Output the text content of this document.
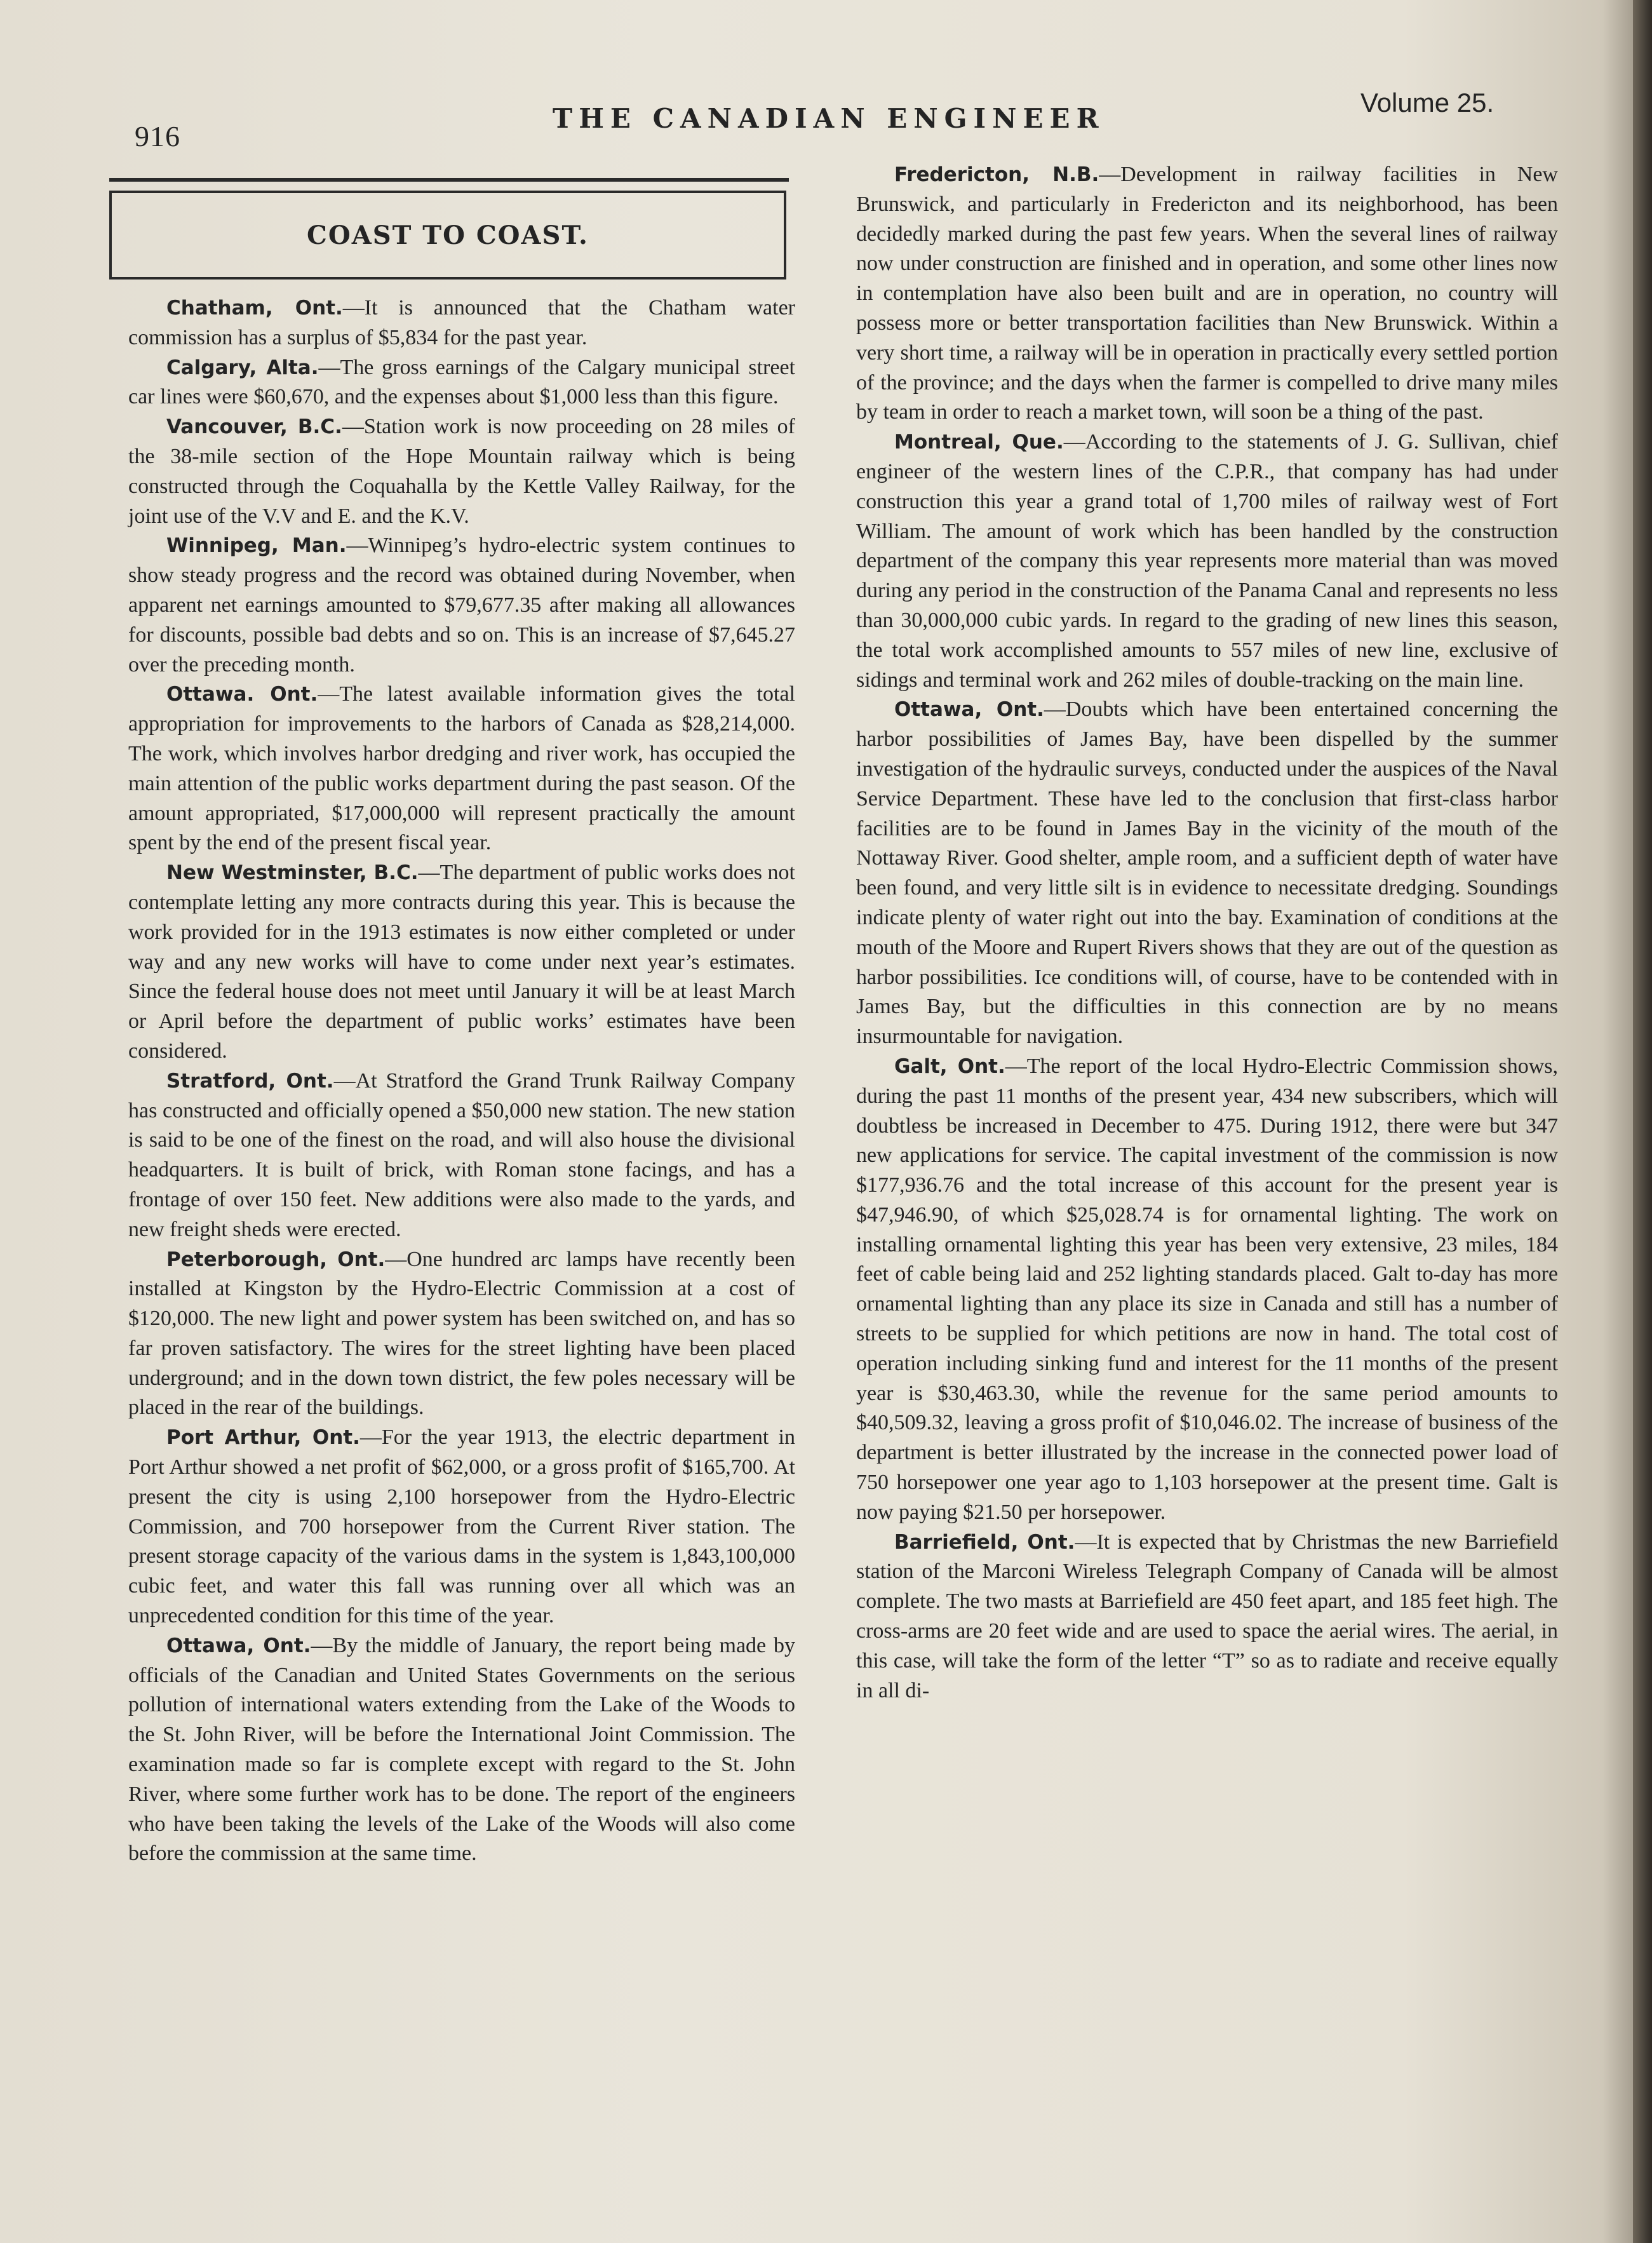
916
THE CANADIAN ENGINEER
Volume 25.
COAST TO COAST.

Chatham, Ont.—It is announced that the Chatham water commission has a surplus of $5,834 for the past year.

Calgary, Alta.—The gross earnings of the Calgary municipal street car lines were $60,670, and the expenses about $1,000 less than this figure.

Vancouver, B.C.—Station work is now proceeding on 28 miles of the 38-mile section of the Hope Mountain railway which is being constructed through the Coquahalla by the Kettle Valley Railway, for the joint use of the V.V and E. and the K.V.

Winnipeg, Man.—Winnipeg’s hydro-electric system continues to show steady progress and the record was obtained during November, when apparent net earnings amounted to $79,677.35 after making all allowances for discounts, possible bad debts and so on. This is an increase of $7,645.27 over the preceding month.

Ottawa. Ont.—The latest available information gives the total appropriation for improvements to the harbors of Canada as $28,214,000. The work, which involves harbor dredging and river work, has occupied the main attention of the public works department during the past season. Of the amount appropriated, $17,000,000 will represent practically the amount spent by the end of the present fiscal year.

New Westminster, B.C.—The department of public works does not contemplate letting any more contracts during this year. This is because the work provided for in the 1913 estimates is now either completed or under way and any new works will have to come under next year’s estimates. Since the federal house does not meet until January it will be at least March or April before the department of public works’ estimates have been considered.

Stratford, Ont.—At Stratford the Grand Trunk Railway Company has constructed and officially opened a $50,000 new station. The new station is said to be one of the finest on the road, and will also house the divisional headquarters. It is built of brick, with Roman stone facings, and has a frontage of over 150 feet. New additions were also made to the yards, and new freight sheds were erected.

Peterborough, Ont.—One hundred arc lamps have recently been installed at Kingston by the Hydro-Electric Commission at a cost of $120,000. The new light and power system has been switched on, and has so far proven satisfactory. The wires for the street lighting have been placed underground; and in the down town district, the few poles necessary will be placed in the rear of the buildings.

Port Arthur, Ont.—For the year 1913, the electric department in Port Arthur showed a net profit of $62,000, or a gross profit of $165,700. At present the city is using 2,100 horsepower from the Hydro-Electric Commission, and 700 horsepower from the Current River station. The present storage capacity of the various dams in the system is 1,843,100,000 cubic feet, and water this fall was running over all which was an unprecedented condition for this time of the year.

Ottawa, Ont.—By the middle of January, the report being made by officials of the Canadian and United States Governments on the serious pollution of international waters extending from the Lake of the Woods to the St. John River, will be before the International Joint Commission. The examination made so far is complete except with regard to the St. John River, where some further work has to be done. The report of the engineers who have been taking the levels of the Lake of the Woods will also come before the commission at the same time.

Fredericton, N.B.—Development in railway facilities in New Brunswick, and particularly in Fredericton and its neighborhood, has been decidedly marked during the past few years. When the several lines of railway now under construction are finished and in operation, and some other lines now in contemplation have also been built and are in operation, no country will possess more or better transportation facilities than New Brunswick. Within a very short time, a railway will be in operation in practically every settled portion of the province; and the days when the farmer is compelled to drive many miles by team in order to reach a market town, will soon be a thing of the past.

Montreal, Que.—According to the statements of J. G. Sullivan, chief engineer of the western lines of the C.P.R., that company has had under construction this year a grand total of 1,700 miles of railway west of Fort William. The amount of work which has been handled by the construction department of the company this year represents more material than was moved during any period in the construction of the Panama Canal and represents no less than 30,000,000 cubic yards. In regard to the grading of new lines this season, the total work accomplished amounts to 557 miles of new line, exclusive of sidings and terminal work and 262 miles of double-tracking on the main line.

Ottawa, Ont.—Doubts which have been entertained concerning the harbor possibilities of James Bay, have been dispelled by the summer investigation of the hydraulic surveys, conducted under the auspices of the Naval Service Department. These have led to the conclusion that first-class harbor facilities are to be found in James Bay in the vicinity of the mouth of the Nottaway River. Good shelter, ample room, and a sufficient depth of water have been found, and very little silt is in evidence to necessitate dredging. Soundings indicate plenty of water right out into the bay. Examination of conditions at the mouth of the Moore and Rupert Rivers shows that they are out of the question as harbor possibilities. Ice conditions will, of course, have to be contended with in James Bay, but the difficulties in this connection are by no means insurmountable for navigation.

Galt, Ont.—The report of the local Hydro-Electric Commission shows, during the past 11 months of the present year, 434 new subscribers, which will doubtless be increased in December to 475. During 1912, there were but 347 new applications for service. The capital investment of the commission is now $177,936.76 and the total increase of this account for the present year is $47,946.90, of which $25,028.74 is for ornamental lighting. The work on installing ornamental lighting this year has been very extensive, 23 miles, 184 feet of cable being laid and 252 lighting standards placed. Galt to-day has more ornamental lighting than any place its size in Canada and still has a number of streets to be supplied for which petitions are now in hand. The total cost of operation including sinking fund and interest for the 11 months of the present year is $30,463.30, while the revenue for the same period amounts to $40,509.32, leaving a gross profit of $10,046.02. The increase of business of the department is better illustrated by the increase in the connected power load of 750 horsepower one year ago to 1,103 horsepower at the present time. Galt is now paying $21.50 per horsepower.

Barriefield, Ont.—It is expected that by Christmas the new Barriefield station of the Marconi Wireless Telegraph Company of Canada will be almost complete. The two masts at Barriefield are 450 feet apart, and 185 feet high. The cross-arms are 20 feet wide and are used to space the aerial wires. The aerial, in this case, will take the form of the letter “T” so as to radiate and receive equally in all di-
